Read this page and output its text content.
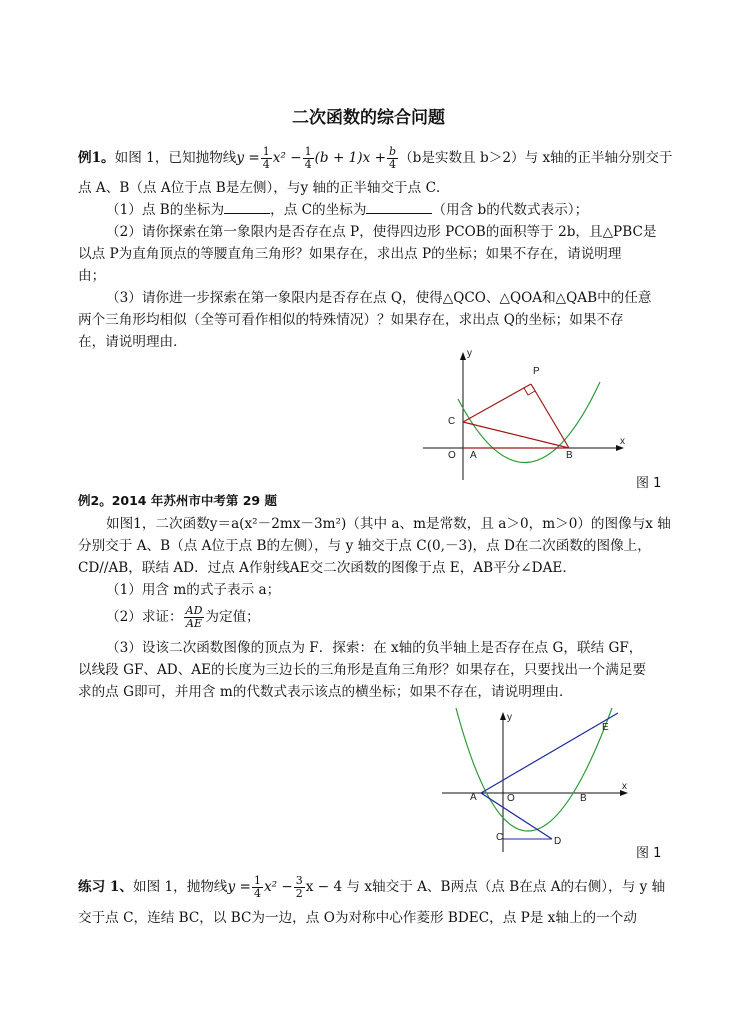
二次函数的综合问题
例1。如图 1，已知抛物线$y = \frac{1}{4} x^2 - \frac{1}{4} (b + 1)x + \frac{b}{4} (b$是实数且 b＞2）与 x轴的正半轴分别交于
点 A、B（点 A位于点 B是左侧），与y 轴的正半轴交于点 C．
（1）点 B的坐标为	，点 C的坐标为	（用含 b的代数式表示）；
（2）请你探索在第一象限内是否存在点 P，使得四边形 PCOB的面积等于 2b，且△PBC是
以点 P为直角顶点的等腰直角三角形？如果存在，求出点 P的坐标；如果不存在，请说明理
由；
（3）请你进一步探索在第一象限内是否存在点 Q，使得△QCO、△QOA和△QAB中的任意
两个三角形均相似（全等可看作相似的特殊情况）？如果存在，求出点 Q的坐标；如果不存
在，请说明理由．
y
x
P
C
O A	B
图 1
例2。2014 年苏州市中考第 29 题
如图1，二次函数y＝a(x²－2mx－3m²)（其中 a、m是常数，且 a＞0，m＞0）的图像与x 轴
分别交于 A、B（点 A位于点 B的左侧），与 y 轴交于点 C(0,－3)，点 D在二次函数的图像上，
CD//AB，联结 AD．过点 A作射线AE交二次函数的图像于点 E，AB平分∠DAE．
（1）用含 m的式子表示 a；
（2）求证： $\frac{AD}{AE}$ 为定值；
（3）设该二次函数图像的顶点为 F．探索：在 x轴的负半轴上是否存在点 G，联结 GF，
以线段 GF、AD、AE的长度为三边长的三角形是直角三角形？如果存在，只要找出一个满足要
求的点 G即可，并用含 m的代数式表示该点的横坐标；如果不存在，请说明理由．
y
x
E
A	O	B
C	D
图 1
练习 1、如图 1，抛物线$y = \frac{1}{4} x^2 - \frac{3}{2}$ x − 4 与 x轴交于 A、B两点（点 B在点 A的右侧），与 y 轴
交于点 C，连结 BC，以 BC为一边，点 O为对称中心作菱形 BDEC，点 P是 x轴上的一个动
